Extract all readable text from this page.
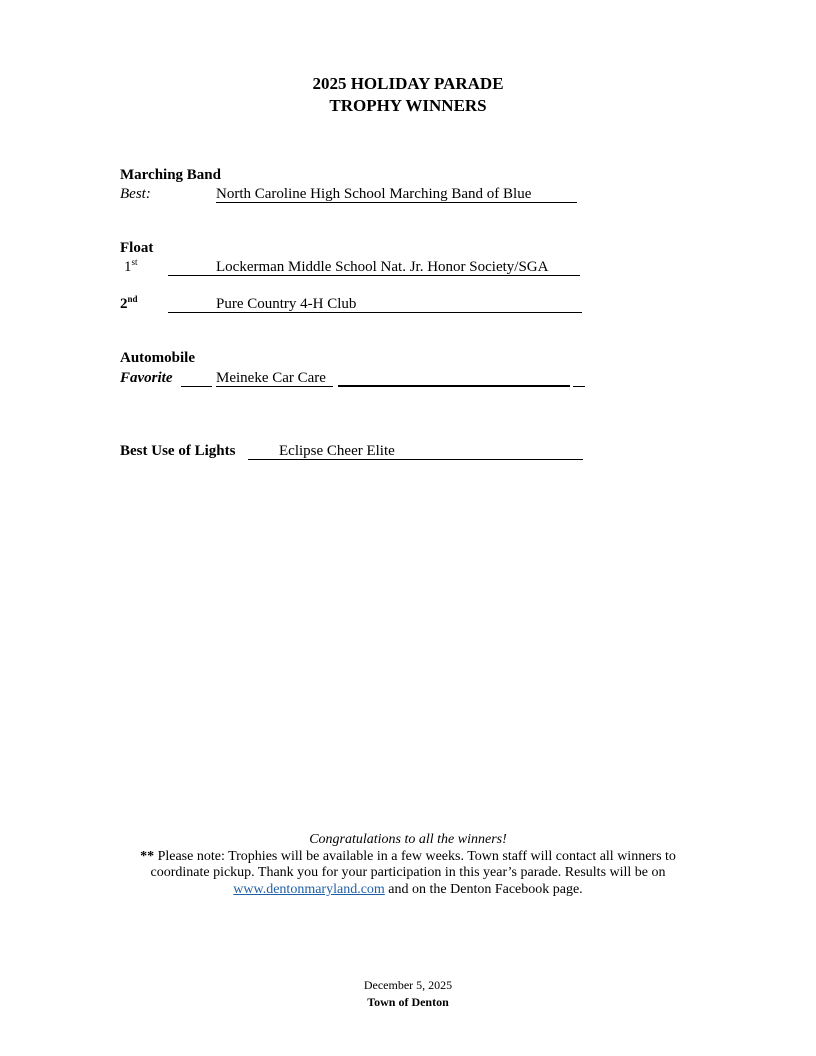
2025 HOLIDAY PARADE
TROPHY WINNERS
Marching Band
Best:	North Caroline High School Marching Band of Blue
Float
1st	Lockerman Middle School Nat. Jr. Honor Society/SGA
2nd	Pure Country 4-H Club
Automobile
Favorite	Meineke Car Care
Best Use of Lights	Eclipse Cheer Elite
Congratulations to all the winners!
** Please note: Trophies will be available in a few weeks. Town staff will contact all winners to
coordinate pickup. Thank you for your participation in this year’s parade. Results will be on
www.dentonmaryland.com and on the Denton Facebook page.
December 5, 2025
Town of Denton
